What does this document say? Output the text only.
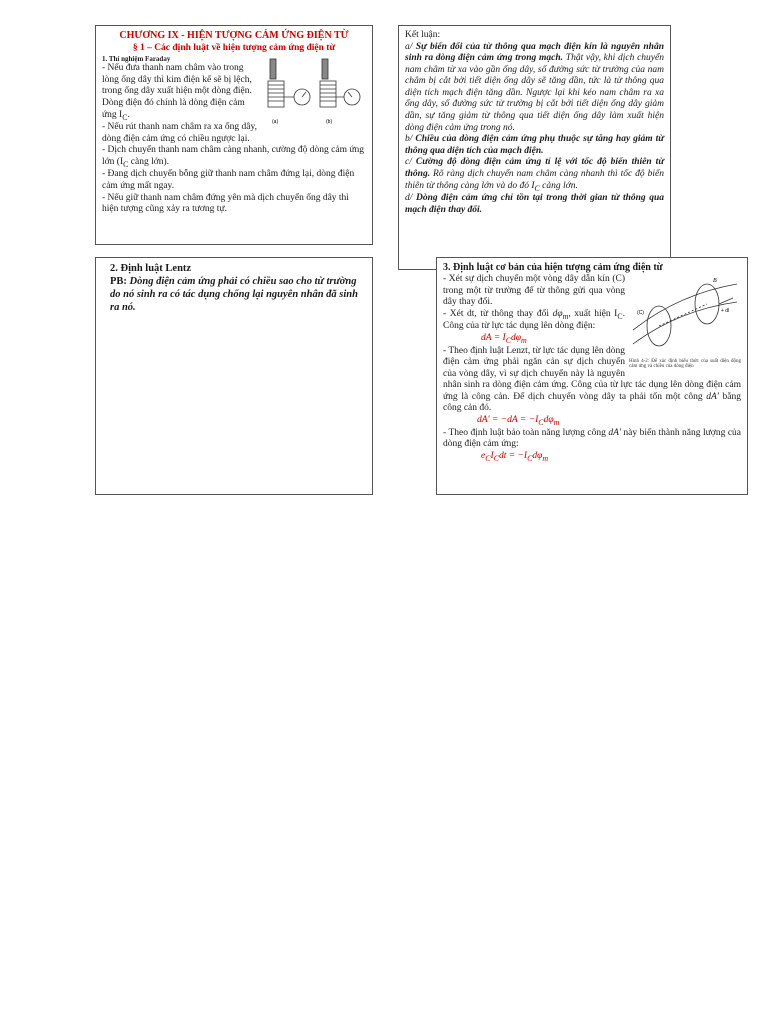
CHƯƠNG IX - HIỆN TƯỢNG CẢM ỨNG ĐIỆN TỪ
§ 1 – Các định luật về hiện tượng cảm ứng điện từ
(a)	(b)

1. Thí nghiệm Faraday

- Nếu đưa thanh nam châm vào trong lòng ống dây thì kim điện kế sẽ bị lệch, trong ống dây xuất hiện một dòng điện. Dòng điện đó chính là dòng điện cảm ứng $I_C$.

- Nếu rút thanh nam châm ra xa ống dây, dòng điện cảm ứng có chiều ngược lại.

- Dịch chuyển thanh nam châm càng nhanh, cường độ dòng cảm ứng lớn ($I_C$ càng lớn).

- Đang dịch chuyển bỗng giữ thanh nam châm đứng lại, dòng điện cảm ứng mất ngay.

- Nếu giữ thanh nam châm đứng yên mà dịch chuyển ống dây thì hiện tượng cũng xảy ra tương tự.

Kết luận:

a/ Sự biến đổi của từ thông qua mạch điện kín là nguyên nhân sinh ra dòng điện cảm ứng trong mạch. Thật vậy, khi dịch chuyển nam châm từ xa vào gần ống dây, số đường sức từ trường của nam châm bị cắt bởi tiết diện ống dây sẽ tăng dần, tức là từ thông qua diện tích mạch điện tăng dần. Ngược lại khi kéo nam châm ra xa ống dây, số đường sức từ trường bị cắt bởi tiết diện ống dây giảm dần, sự tăng giảm từ thông qua tiết diện ống dây làm xuất hiện dòng điện cảm ứng trong nó.

b/ Chiều của dòng điện cảm ứng phụ thuộc sự tăng hay giảm từ thông qua diện tích của mạch điện.

c/ Cường độ dòng điện cảm ứng tỉ lệ với tốc độ biến thiên từ thông. Rõ ràng dịch chuyển nam châm càng nhanh thì tốc độ biến thiên từ thông càng lớn và do đó $I_C$ càng lớn.

d/ Dòng điện cảm ứng chỉ tồn tại trong thời gian từ thông qua mạch điện thay đổi.

2. Định luật Lentz

PB: Dòng điện cảm ứng phải có chiều sao cho từ trường do nó sinh ra có tác dụng chống lại nguyên nhân đã sinh ra nó.

3. Định luật cơ bản của hiện tượng cảm ứng điện từ

(C)
B
+ dl
Hình 4-2: Để xác định biểu thức của suất điện động cảm ứng và chiều của dòng điện

- Xét sự dịch chuyển một vòng dây dẫn kín (C) trong một từ trường để từ thông gửi qua vòng dây thay đổi.

- Xét dt, từ thông thay đổi $d\varphi_m$, xuất hiện $I_C$. Công của từ lực tác dụng lên dòng điện:

dA = $I_Cd\varphi_m$

- Theo định luật Lenzt, từ lực tác dụng lên dòng điện cảm ứng phải ngăn cản sự dịch chuyển của vòng dây, vì sự dịch chuyển này là nguyên nhân sinh ra dòng điện cảm ứng. Công của từ lực tác dụng lên dòng điện cảm ứng là công cản. Để dịch chuyển vòng dây ta phải tốn một công dA' bằng công cản đó.

$dA' = -dA = -I_Cd\varphi_m$

- Theo định luật bảo toàn năng lượng công dA' này biến thành năng lượng của dòng điện cảm ứng:

$e_CI_Cdt = -I_Cd\varphi_m$
